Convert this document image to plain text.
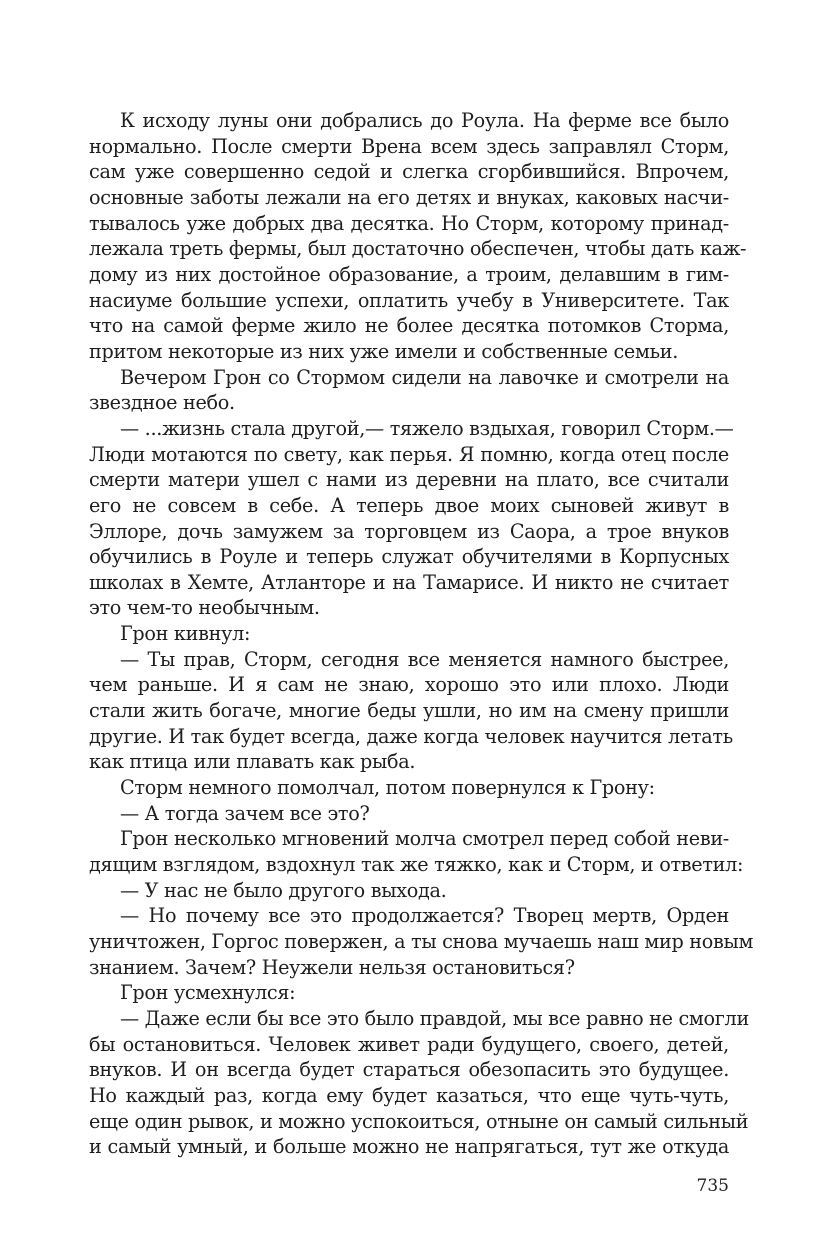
К исходу луны они добрались до Роула. На ферме все было
нормально. После смерти Врена всем здесь заправлял Сторм,
сам уже совершенно седой и слегка сгорбившийся. Впрочем,
основные заботы лежали на его детях и внуках, каковых насчи-
тывалось уже добрых два десятка. Но Сторм, которому принад-
лежала треть фермы, был достаточно обеспечен, чтобы дать каж-
дому из них достойное образование, а троим, делавшим в гим-
насиуме большие успехи, оплатить учебу в Университете. Так
что на самой ферме жило не более десятка потомков Сторма,
притом некоторые из них уже имели и собственные семьи.
Вечером Грон со Стормом сидели на лавочке и смотрели на
звездное небо.
— ...жизнь стала другой,— тяжело вздыхая, говорил Сторм.—
Люди мотаются по свету, как перья. Я помню, когда отец после
смерти матери ушел с нами из деревни на плато, все считали
его не совсем в себе. А теперь двое моих сыновей живут в
Эллоре, дочь замужем за торговцем из Саора, а трое внуков
обучились в Роуле и теперь служат обучителями в Корпусных
школах в Хемте, Атланторе и на Тамарисе. И никто не считает
это чем-то необычным.
Грон кивнул:
— Ты прав, Сторм, сегодня все меняется намного быстрее,
чем раньше. И я сам не знаю, хорошо это или плохо. Люди
стали жить богаче, многие беды ушли, но им на смену пришли
другие. И так будет всегда, даже когда человек научится летать
как птица или плавать как рыба.
Сторм немного помолчал, потом повернулся к Грону:
— А тогда зачем все это?
Грон несколько мгновений молча смотрел перед собой неви-
дящим взглядом, вздохнул так же тяжко, как и Сторм, и ответил:
— У нас не было другого выхода.
— Но почему все это продолжается? Творец мертв, Орден
уничтожен, Горгос повержен, а ты снова мучаешь наш мир новым
знанием. Зачем? Неужели нельзя остановиться?
Грон усмехнулся:
— Даже если бы все это было правдой, мы все равно не смогли
бы остановиться. Человек живет ради будущего, своего, детей,
внуков. И он всегда будет стараться обезопасить это будущее.
Но каждый раз, когда ему будет казаться, что еще чуть-чуть,
еще один рывок, и можно успокоиться, отныне он самый сильный
и самый умный, и больше можно не напрягаться, тут же откуда
735
